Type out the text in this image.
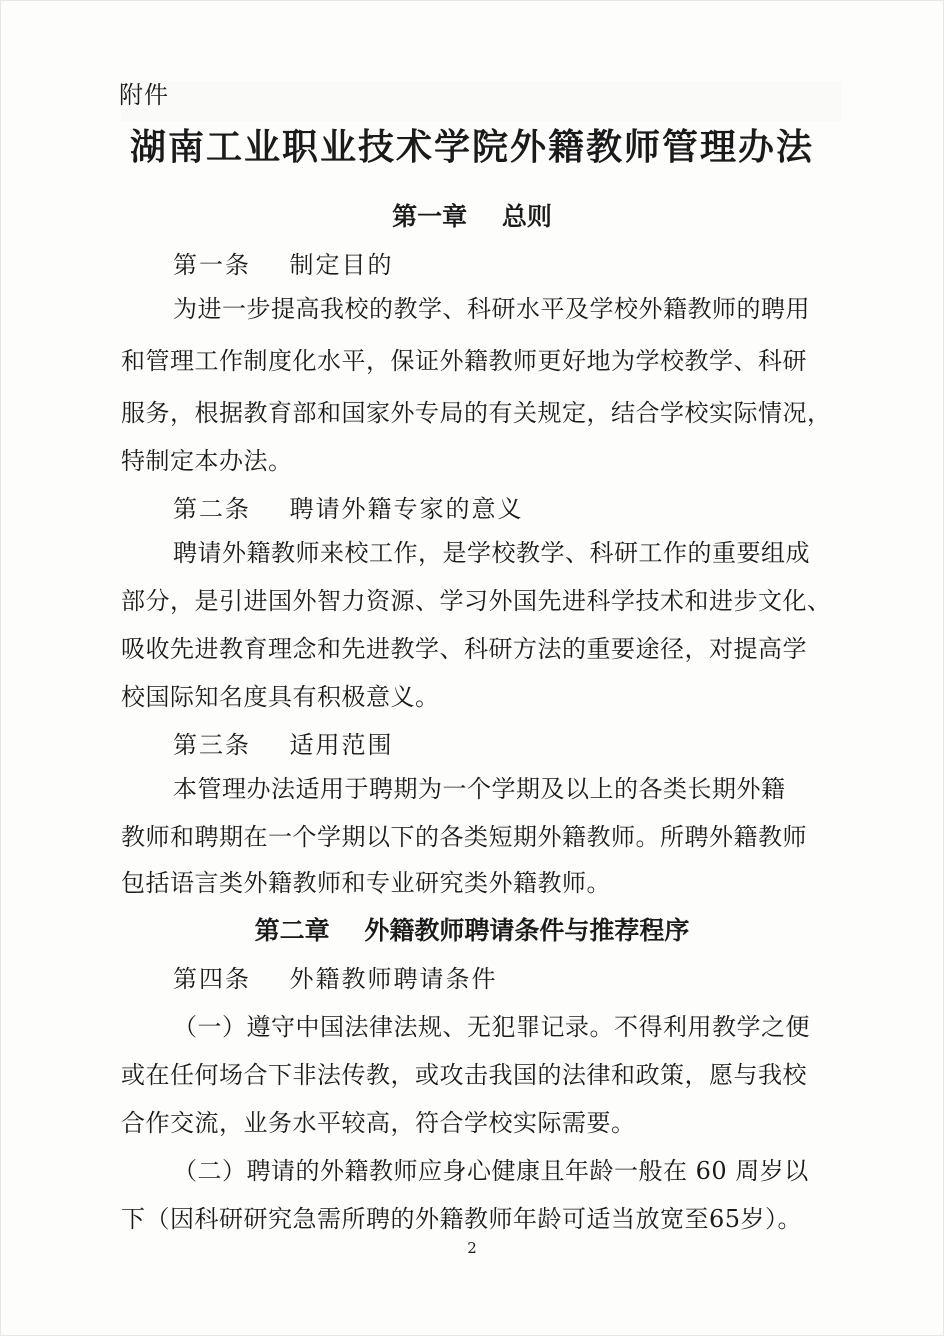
附件
湖南工业职业技术学院外籍教师管理办法
第一章    总则
第一条    制定目的
为进一步提高我校的教学、科研水平及学校外籍教师的聘用
和管理工作制度化水平，保证外籍教师更好地为学校教学、科研
服务，根据教育部和国家外专局的有关规定，结合学校实际情况，
特制定本办法。
第二条    聘请外籍专家的意义
聘请外籍教师来校工作，是学校教学、科研工作的重要组成
部分，是引进国外智力资源、学习外国先进科学技术和进步文化、
吸收先进教育理念和先进教学、科研方法的重要途径，对提高学
校国际知名度具有积极意义。
第三条    适用范围
本管理办法适用于聘期为一个学期及以上的各类长期外籍
教师和聘期在一个学期以下的各类短期外籍教师。所聘外籍教师
包括语言类外籍教师和专业研究类外籍教师。
第二章    外籍教师聘请条件与推荐程序
第四条    外籍教师聘请条件
（一）遵守中国法律法规、无犯罪记录。不得利用教学之便
或在任何场合下非法传教，或攻击我国的法律和政策，愿与我校
合作交流，业务水平较高，符合学校实际需要。
（二）聘请的外籍教师应身心健康且年龄一般在 60 周岁以
下（因科研研究急需所聘的外籍教师年龄可适当放宽至65岁）。
2
